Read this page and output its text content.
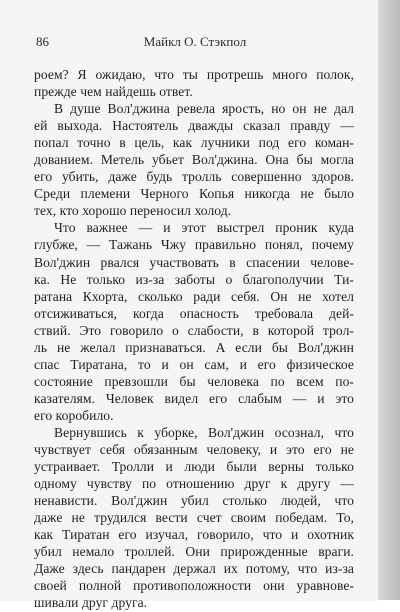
86	Майкл О. Стэкпол
роем? Я ожидаю, что ты протрешь много полок,
прежде чем найдешь ответ.
В душе Вол'джина ревела ярость, но он не дал
ей выхода. Настоятель дважды сказал правду —
попал точно в цель, как лучники под его коман-
дованием. Метель убьет Вол'джина. Она бы могла
его убить, даже будь тролль совершенно здоров.
Среди племени Черного Копья никогда не было
тех, кто хорошо переносил холод.
Что важнее — и этот выстрел проник куда
глубже, — Тажань Чжу правильно понял, почему
Вол'джин рвался участвовать в спасении челове-
ка. Не только из-за заботы о благополучии Ти-
ратана Кхорта, сколько ради себя. Он не хотел
отсиживаться, когда опасность требовала дей-
ствий. Это говорило о слабости, в которой трол-
ль не желал признаваться. А если бы Вол'джин
спас Тиратана, то и он сам, и его физическое
состояние превзошли бы человека по всем по-
казателям. Человек видел его слабым — и это
его коробило.
Вернувшись к уборке, Вол'джин осознал, что
чувствует себя обязанным человеку, и это его не
устраивает. Тролли и люди были верны только
одному чувству по отношению друг к другу —
ненависти. Вол'джин убил столько людей, что
даже не трудился вести счет своим победам. То,
как Тиратан его изучал, говорило, что и охотник
убил немало троллей. Они прирожденные враги.
Даже здесь пандарен держал их потому, что из-за
своей полной противоположности они уравнове-
шивали друг друга.
